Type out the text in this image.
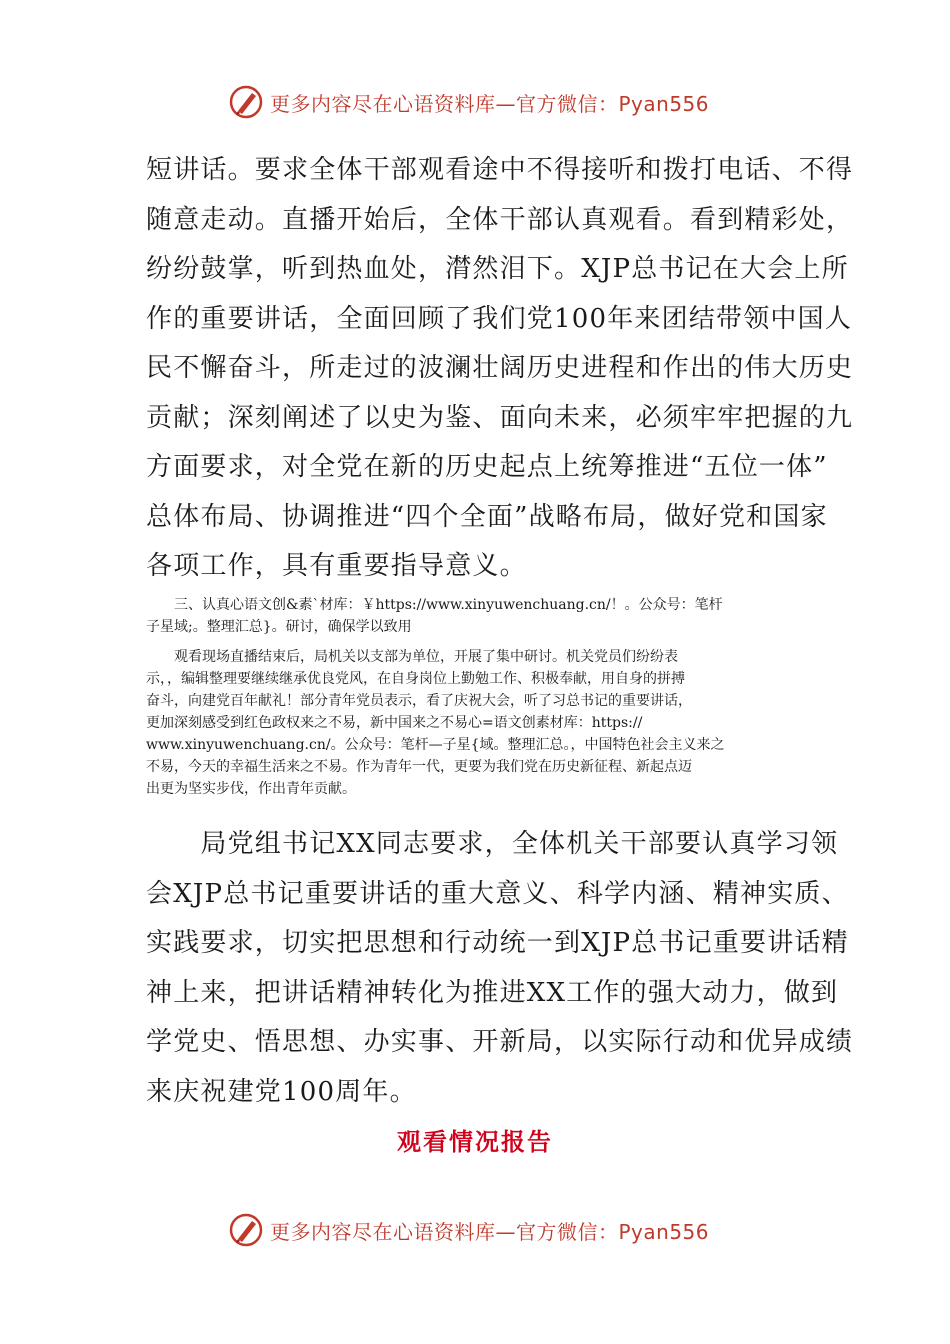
更多内容尽在心语资料库—官方微信：Pyan556
短讲话。要求全体干部观看途中不得接听和拨打电话、不得
随意走动。直播开始后，全体干部认真观看。看到精彩处，
纷纷鼓掌，听到热血处，潸然泪下。XJP总书记在大会上所
作的重要讲话，全面回顾了我们党100年来团结带领中国人
民不懈奋斗，所走过的波澜壮阔历史进程和作出的伟大历史
贡献；深刻阐述了以史为鉴、面向未来，必须牢牢把握的九
方面要求，对全党在新的历史起点上统筹推进“五位一体”
总体布局、协调推进“四个全面”战略布局，做好党和国家
各项工作，具有重要指导意义。
　　三、认真心语文创&素`材库：￥https://www.xinyuwenchuang.cn/！。公众号：笔杆
子星域;。整理汇总}。研讨，确保学以致用
　　观看现场直播结束后，局机关以支部为单位，开展了集中研讨。机关党员们纷纷表
示，，编辑整理要继续继承优良党风，在自身岗位上勤勉工作、积极奉献，用自身的拼搏
奋斗，向建党百年献礼！部分青年党员表示，看了庆祝大会，听了习总书记的重要讲话，
更加深刻感受到红色政权来之不易，新中国来之不易心=语文创素材库：https://
www.xinyuwenchuang.cn/。公众号：笔杆—子星{域。整理汇总。，中国特色社会主义来之
不易，今天的幸福生活来之不易。作为青年一代，更要为我们党在历史新征程、新起点迈
出更为坚实步伐，作出青年贡献。
　　局党组书记XX同志要求，全体机关干部要认真学习领
会XJP总书记重要讲话的重大意义、科学内涵、精神实质、
实践要求，切实把思想和行动统一到XJP总书记重要讲话精
神上来，把讲话精神转化为推进XX工作的强大动力，做到
学党史、悟思想、办实事、开新局，以实际行动和优异成绩
来庆祝建党100周年。
观看情况报告
更多内容尽在心语资料库—官方微信：Pyan556
